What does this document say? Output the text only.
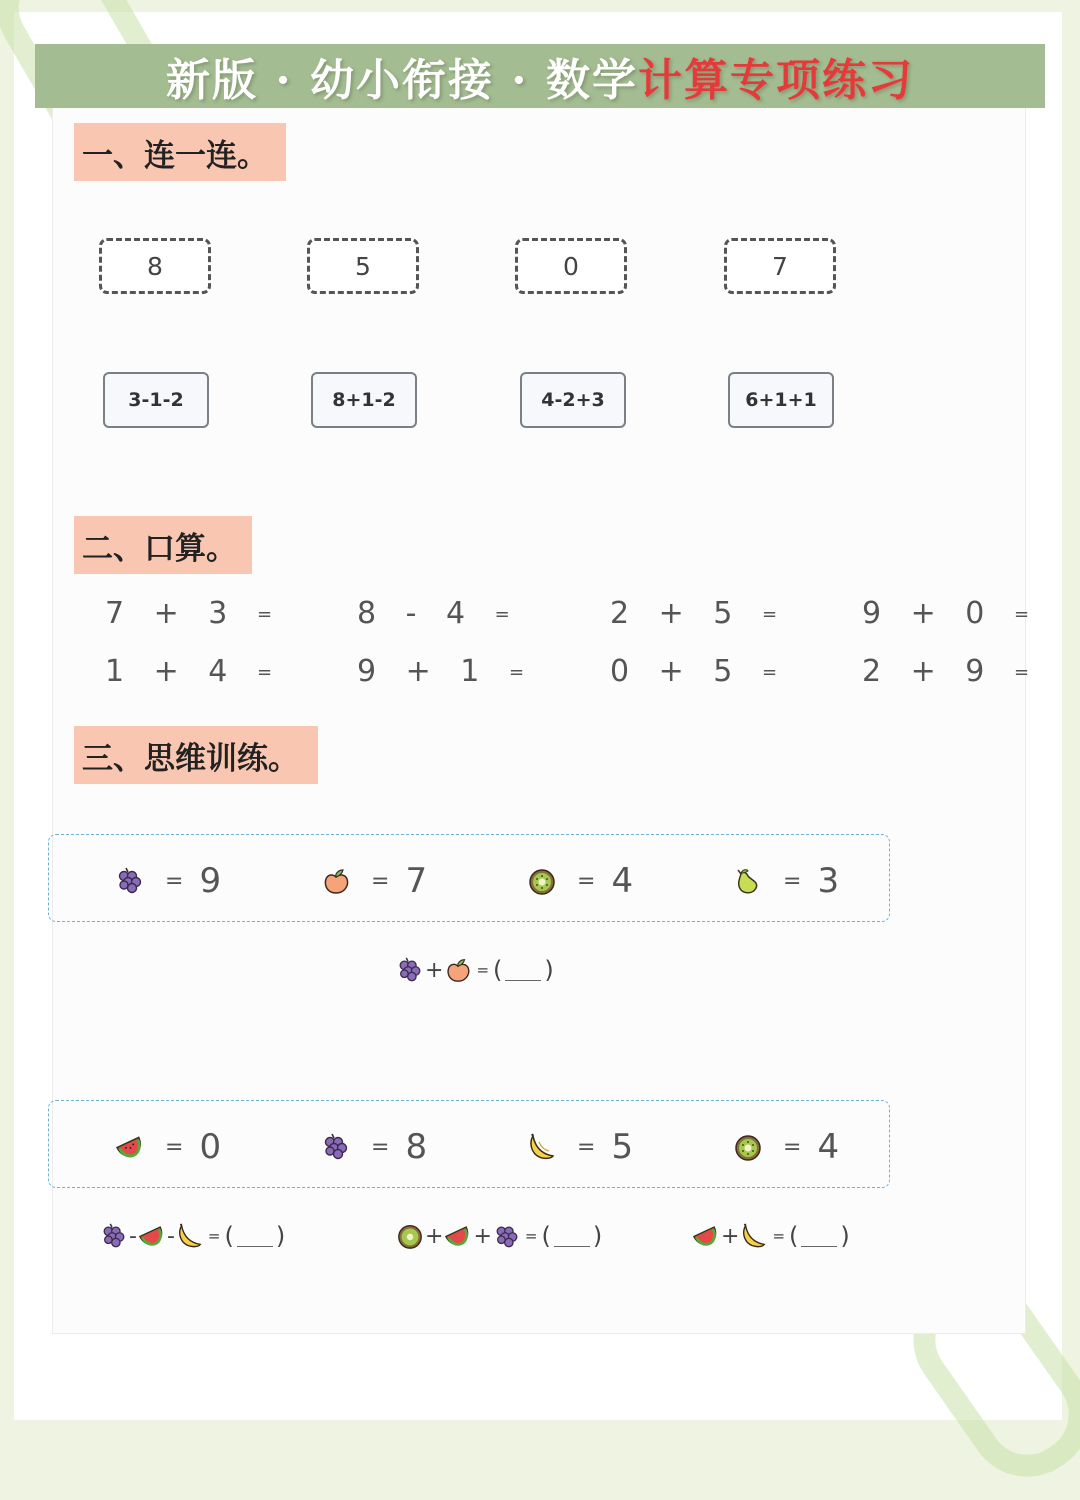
新版 · 幼小衔接 · 数学计算专项练习
一、连一连。
8	5	0	7
3-1-2	8+1-2	4-2+3	6+1+1
二、口算。
7 + 3 =	8 - 4 =	2 + 5 =	9 + 0 =
1 + 4 =	9 + 1 =	0 + 5 =	2 + 9 =
三、思维训练。
= 9	= 7	= 4	= 3
+ = ( )
= 0	= 8	= 5	= 4
- - = ( )	+ + = ( )	+ = ( )
